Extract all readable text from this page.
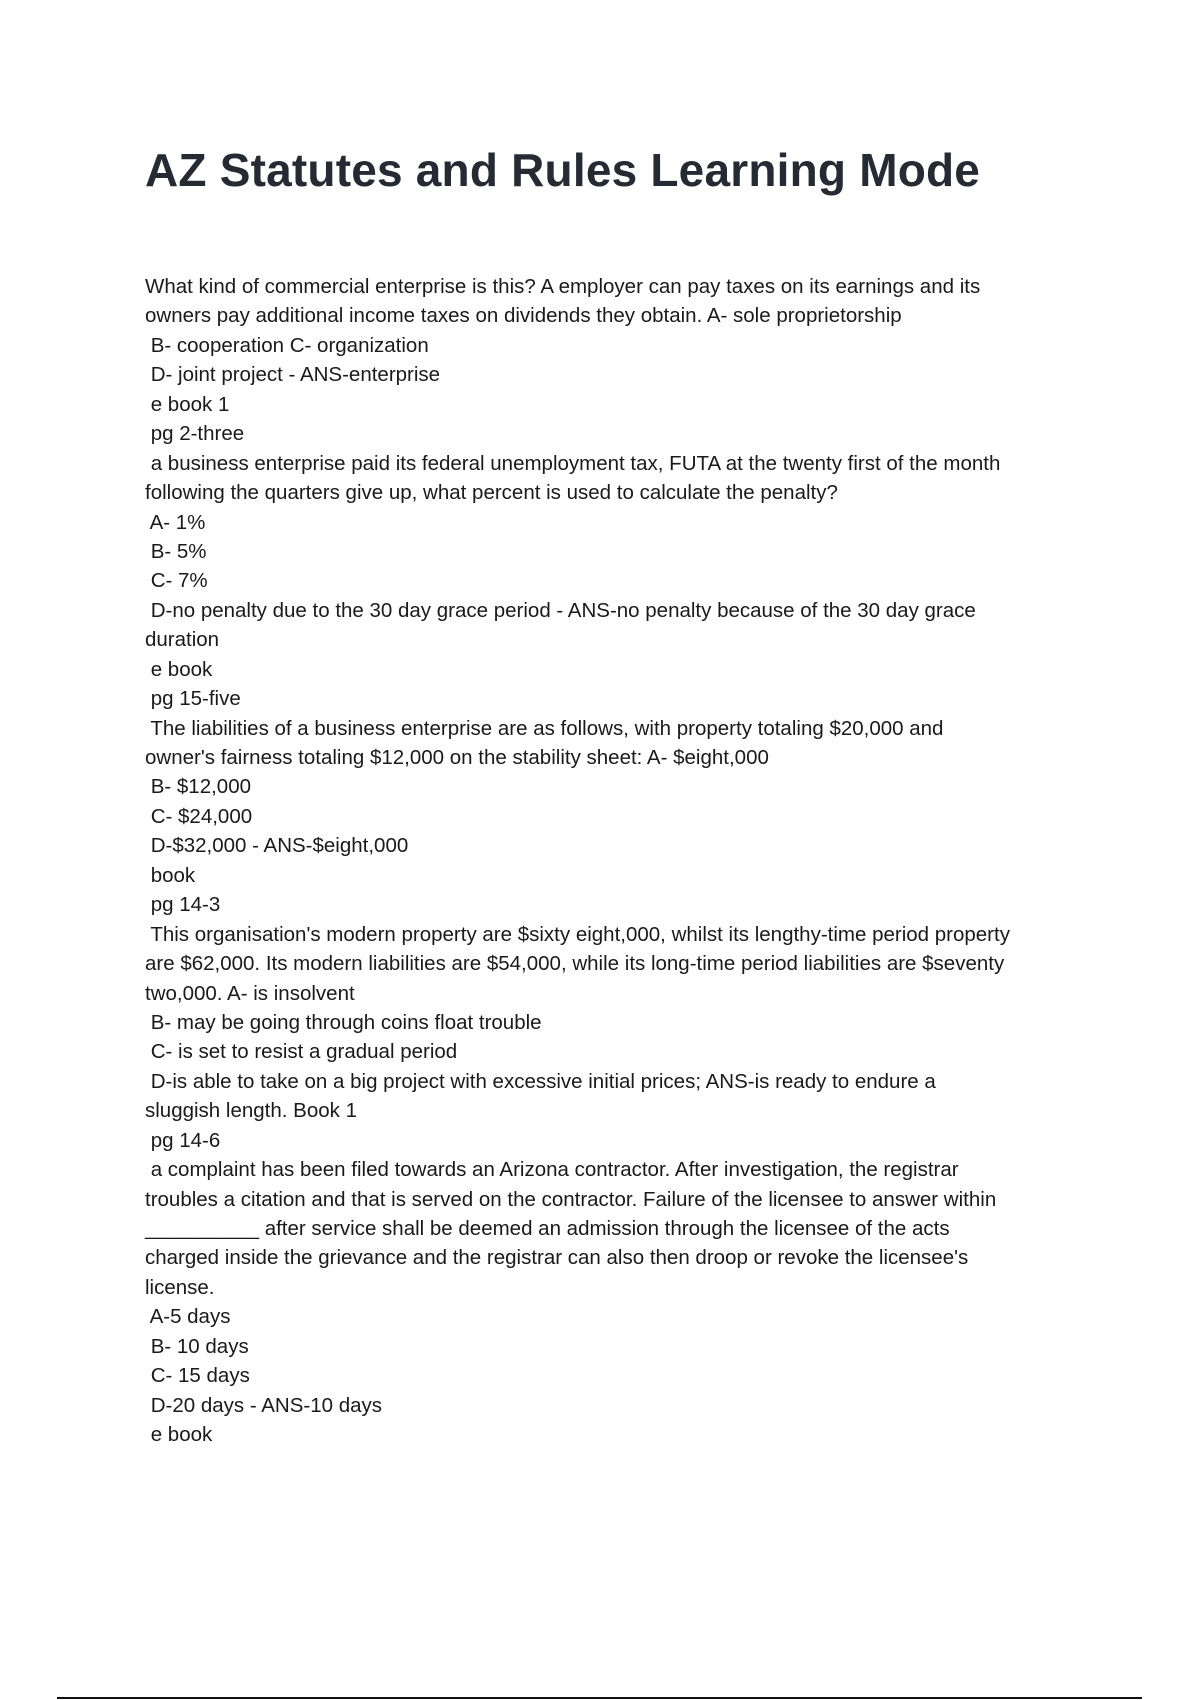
AZ Statutes and Rules Learning Mode
What kind of commercial enterprise is this? A employer can pay taxes on its earnings and its
owners pay additional income taxes on dividends they obtain. A- sole proprietorship
B- cooperation C- organization
D- joint project - ANS-enterprise
e book 1
pg 2-three
a business enterprise paid its federal unemployment tax, FUTA at the twenty first of the month
following the quarters give up, what percent is used to calculate the penalty?
A- 1%
B- 5%
C- 7%
D-no penalty due to the 30 day grace period - ANS-no penalty because of the 30 day grace
duration
e book
pg 15-five
The liabilities of a business enterprise are as follows, with property totaling $20,000 and
owner's fairness totaling $12,000 on the stability sheet: A- $eight,000
B- $12,000
C- $24,000
D-$32,000 - ANS-$eight,000
book
pg 14-3
This organisation's modern property are $sixty eight,000, whilst its lengthy-time period property
are $62,000. Its modern liabilities are $54,000, while its long-time period liabilities are $seventy
two,000. A- is insolvent
B- may be going through coins float trouble
C- is set to resist a gradual period
D-is able to take on a big project with excessive initial prices; ANS-is ready to endure a
sluggish length. Book 1
pg 14-6
a complaint has been filed towards an Arizona contractor. After investigation, the registrar
troubles a citation and that is served on the contractor. Failure of the licensee to answer within
__________ after service shall be deemed an admission through the licensee of the acts
charged inside the grievance and the registrar can also then droop or revoke the licensee's
license.
A-5 days
B- 10 days
C- 15 days
D-20 days - ANS-10 days
e book
